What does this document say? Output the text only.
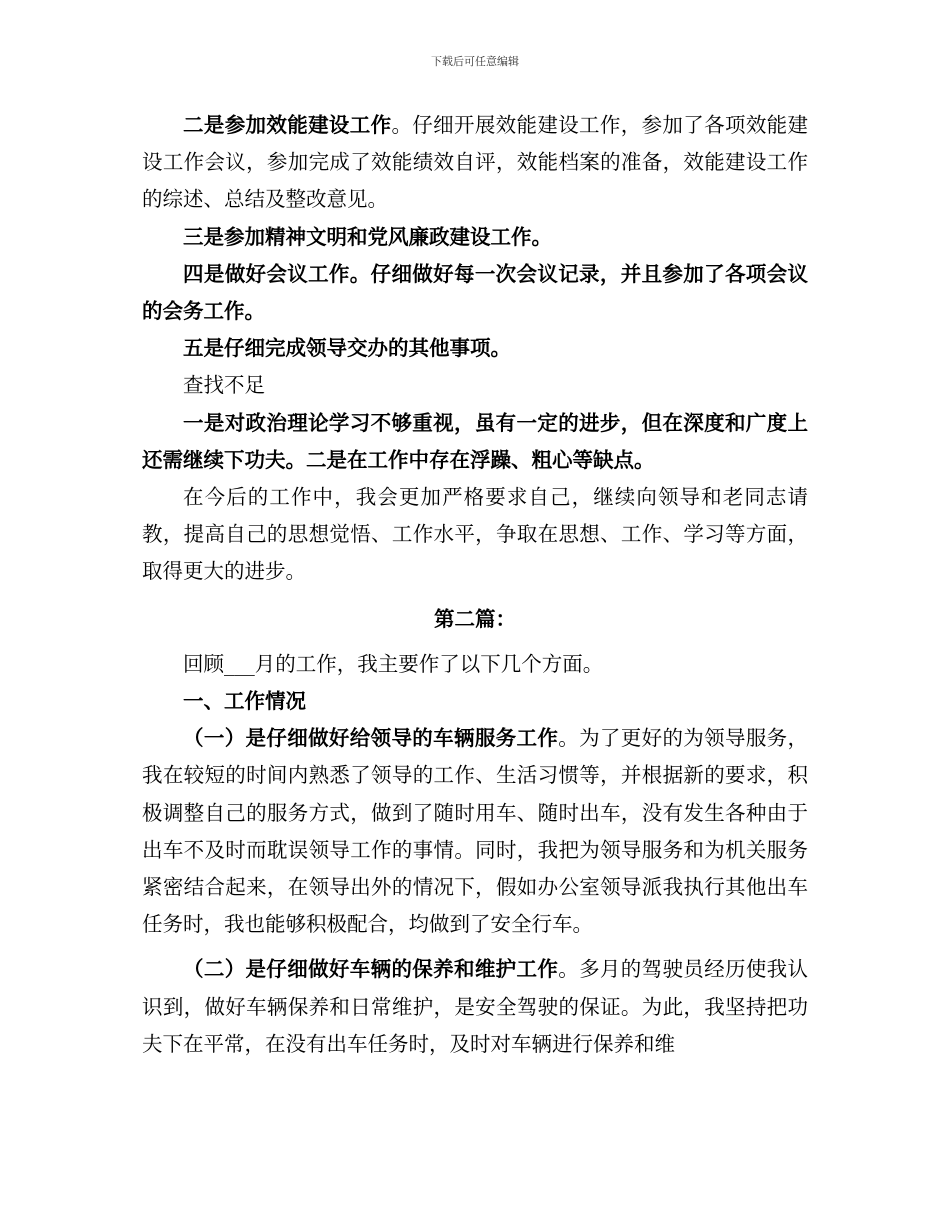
下载后可任意编辑

二是参加效能建设工作。仔细开展效能建设工作，参加了各项效能建设工作会议，参加完成了效能绩效自评，效能档案的准备，效能建设工作的综述、总结及整改意见。

三是参加精神文明和党风廉政建设工作。

四是做好会议工作。仔细做好每一次会议记录，并且参加了各项会议的会务工作。

五是仔细完成领导交办的其他事项。

查找不足

一是对政治理论学习不够重视，虽有一定的进步，但在深度和广度上还需继续下功夫。二是在工作中存在浮躁、粗心等缺点。

在今后的工作中，我会更加严格要求自己，继续向领导和老同志请教，提高自己的思想觉悟、工作水平，争取在思想、工作、学习等方面，取得更大的进步。

第二篇：

回顾___月的工作，我主要作了以下几个方面。

一、工作情况

（一）是仔细做好给领导的车辆服务工作。为了更好的为领导服务，我在较短的时间内熟悉了领导的工作、生活习惯等，并根据新的要求，积极调整自己的服务方式，做到了随时用车、随时出车，没有发生各种由于出车不及时而耽误领导工作的事情。同时，我把为领导服务和为机关服务紧密结合起来，在领导出外的情况下，假如办公室领导派我执行其他出车任务时，我也能够积极配合，均做到了安全行车。

（二）是仔细做好车辆的保养和维护工作。多月的驾驶员经历使我认识到，做好车辆保养和日常维护，是安全驾驶的保证。为此，我坚持把功夫下在平常，在没有出车任务时，及时对车辆进行保养和维
